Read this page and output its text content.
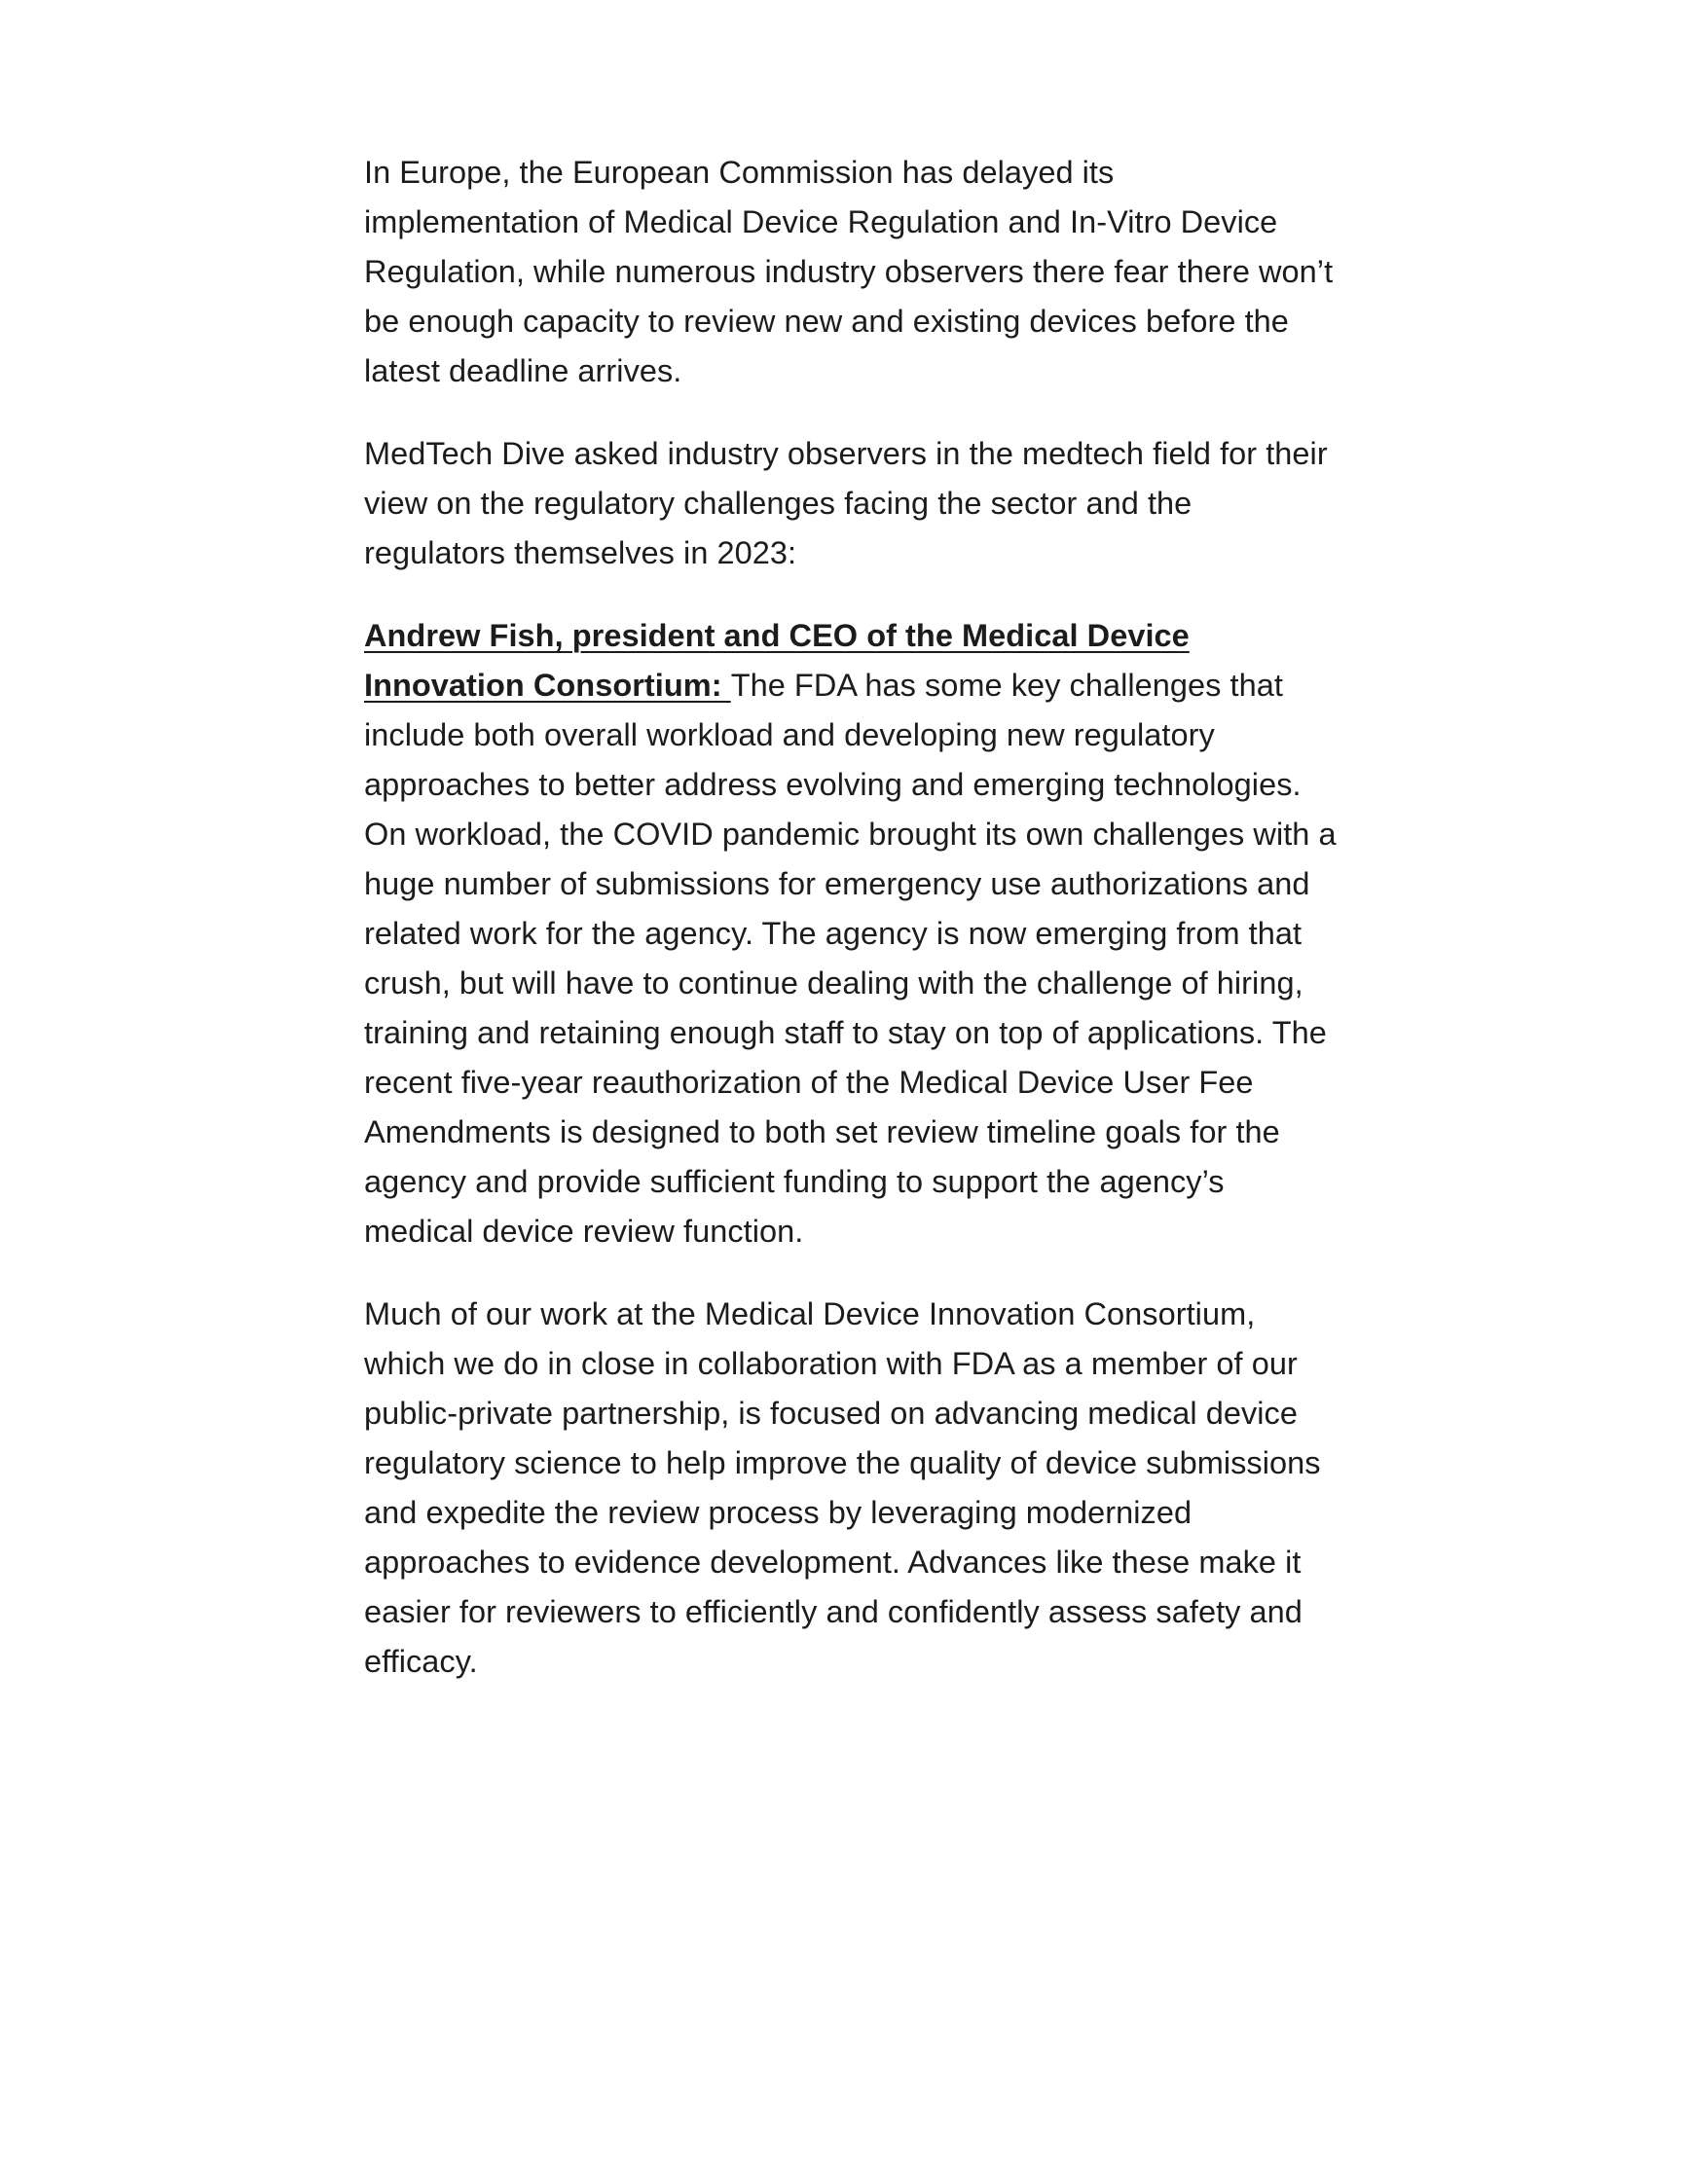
In Europe, the European Commission has delayed its implementation of Medical Device Regulation and In-Vitro Device Regulation, while numerous industry observers there fear there won’t be enough capacity to review new and existing devices before the latest deadline arrives.

MedTech Dive asked industry observers in the medtech field for their view on the regulatory challenges facing the sector and the regulators themselves in 2023:

Andrew Fish, president and CEO of the Medical Device Innovation Consortium: The FDA has some key challenges that include both overall workload and developing new regulatory approaches to better address evolving and emerging technologies. On workload, the COVID pandemic brought its own challenges with a huge number of submissions for emergency use authorizations and related work for the agency. The agency is now emerging from that crush, but will have to continue dealing with the challenge of hiring, training and retaining enough staff to stay on top of applications. The recent five-year reauthorization of the Medical Device User Fee Amendments is designed to both set review timeline goals for the agency and provide sufficient funding to support the agency’s medical device review function.

Much of our work at the Medical Device Innovation Consortium, which we do in close in collaboration with FDA as a member of our public-private partnership, is focused on advancing medical device regulatory science to help improve the quality of device submissions and expedite the review process by leveraging modernized approaches to evidence development. Advances like these make it easier for reviewers to efficiently and confidently assess safety and efficacy.
